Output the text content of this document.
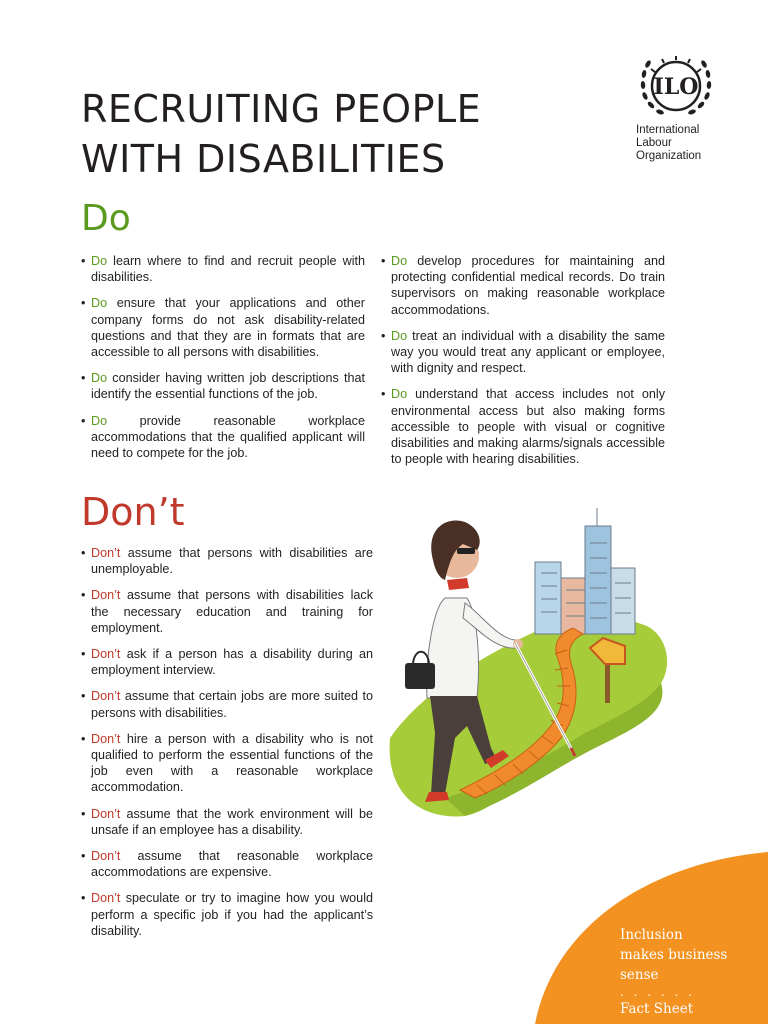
RECRUITING PEOPLE
WITH DISABILITIES
ILO
International
Labour
Organization
Do
• Do learn where to find and recruit people with disabilities.
• Do ensure that your applications and other company forms do not ask disability-related questions and that they are in formats that are accessible to all persons with disabilities.
• Do consider having written job descriptions that identify the essential functions of the job.
• Do provide reasonable workplace accommodations that the qualified applicant will need to compete for the job.
• Do develop procedures for maintaining and protecting confidential medical records. Do train supervisors on making reasonable workplace accommodations.
• Do treat an individual with a disability the same way you would treat any applicant or employee, with dignity and respect.
• Do understand that access includes not only environmental access but also making forms accessible to people with visual or cognitive disabilities and making alarms/signals accessible to people with hearing disabilities.
Don’t
• Don’t assume that persons with disabilities are unemployable.
• Don’t assume that persons with disabilities lack the necessary education and training for employment.
• Don’t ask if a person has a disability during an employment interview.
• Don’t assume that certain jobs are more suited to persons with disabilities.
• Don’t hire a person with a disability who is not qualified to perform the essential functions of the job even with a reasonable workplace accommodation.
• Don’t assume that the work environment will be unsafe if an employee has a disability.
• Don’t assume that reasonable workplace accommodations are expensive.
• Don’t speculate or try to imagine how you would perform a specific job if you had the applicant’s disability.	Inclusion
makes business sense
. . . . . .
Fact Sheet
